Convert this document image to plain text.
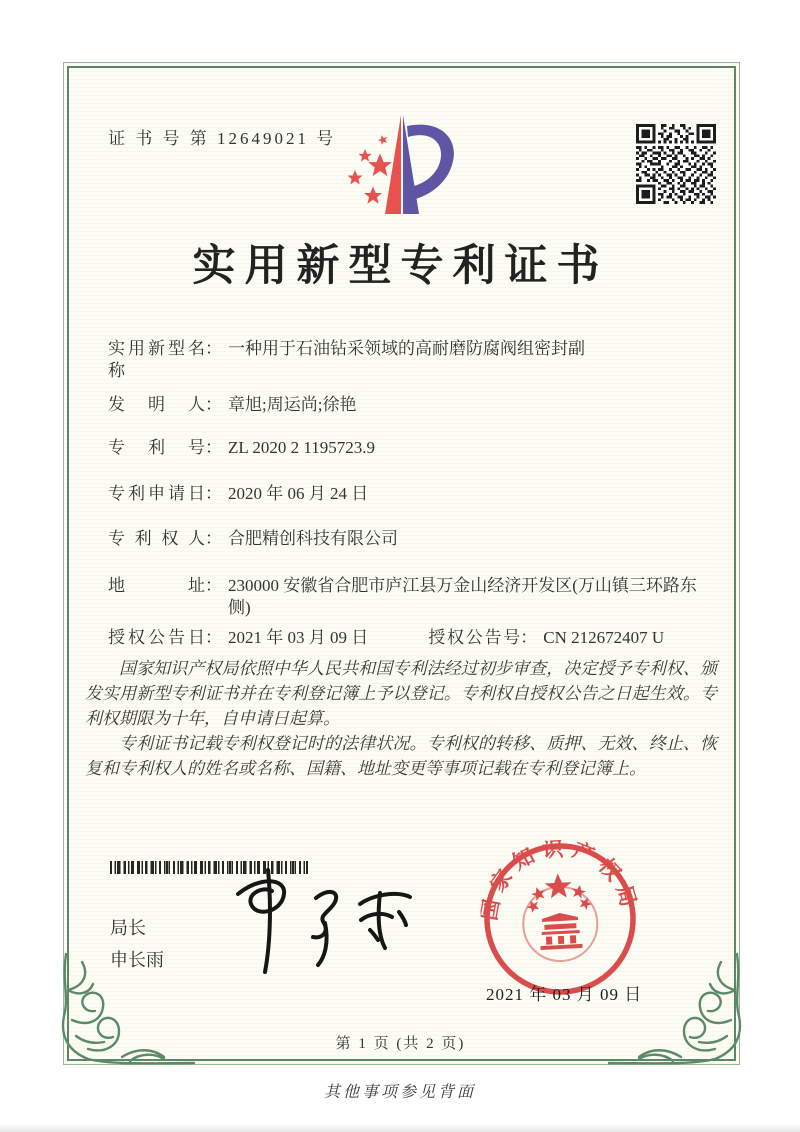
证 书 号 第 12649021 号
实用新型专利证书
实用新型名称
： 一种用于石油钻采领域的高耐磨防腐阀组密封副
发明人 ： 章旭;周运尚;徐艳
专利号 ： ZL 2020 2 1195723.9
专利申请日 ： 2020 年 06 月 24 日
专利权人 ： 合肥精创科技有限公司
地址 ： 230000 安徽省合肥市庐江县万金山经济开发区(万山镇三环路东侧)
授权公告日 ： 2021 年 03 月 09 日	授权公告号 ： CN 212672407 U

国家知识产权局依照中华人民共和国专利法经过初步审查，决定授予专利权、颁发实用新型专利证书并在专利登记簿上予以登记。专利权自授权公告之日起生效。专利权期限为十年，自申请日起算。

专利证书记载专利权登记时的法律状况。专利权的转移、质押、无效、终止、恢复和专利权人的姓名或名称、国籍、地址变更等事项记载在专利登记簿上。

局长
申长雨
国家知识产权局
2021 年 03 月 09 日
第 1 页 (共 2 页)
其他事项参见背面
